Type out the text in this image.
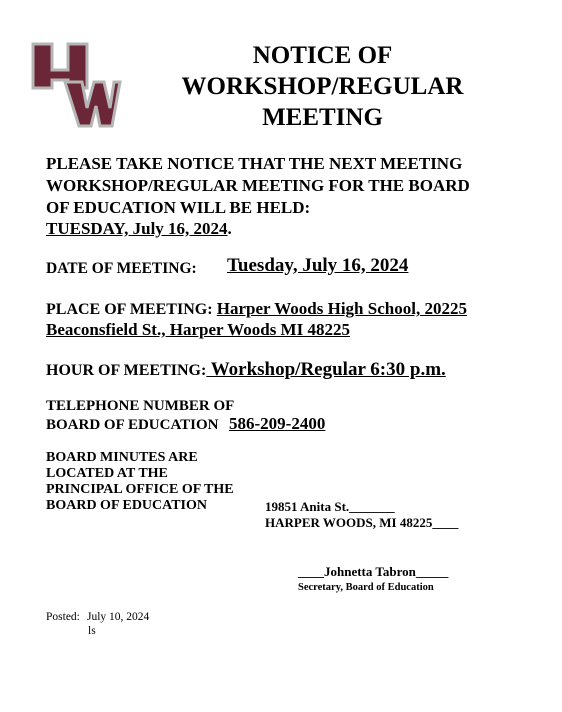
NOTICE OF
WORKSHOP/REGULAR
MEETING
PLEASE TAKE NOTICE THAT THE NEXT MEETING
WORKSHOP/REGULAR MEETING FOR THE BOARD
OF EDUCATION WILL BE HELD:
TUESDAY, July 16, 2024.
DATE OF MEETING: Tuesday, July 16, 2024
PLACE OF MEETING: Harper Woods High School, 20225
Beaconsfield St., Harper Woods MI 48225
HOUR OF MEETING: Workshop/Regular 6:30 p.m.
TELEPHONE NUMBER OF
BOARD OF EDUCATION 586-209-2400
BOARD MINUTES ARE
LOCATED AT THE
PRINCIPAL OFFICE OF THE
BOARD OF EDUCATION	19851 Anita St._______
HARPER WOODS, MI 48225____
____Johnetta Tabron_____
Secretary, Board of Education
Posted: July 10, 2024
ls
